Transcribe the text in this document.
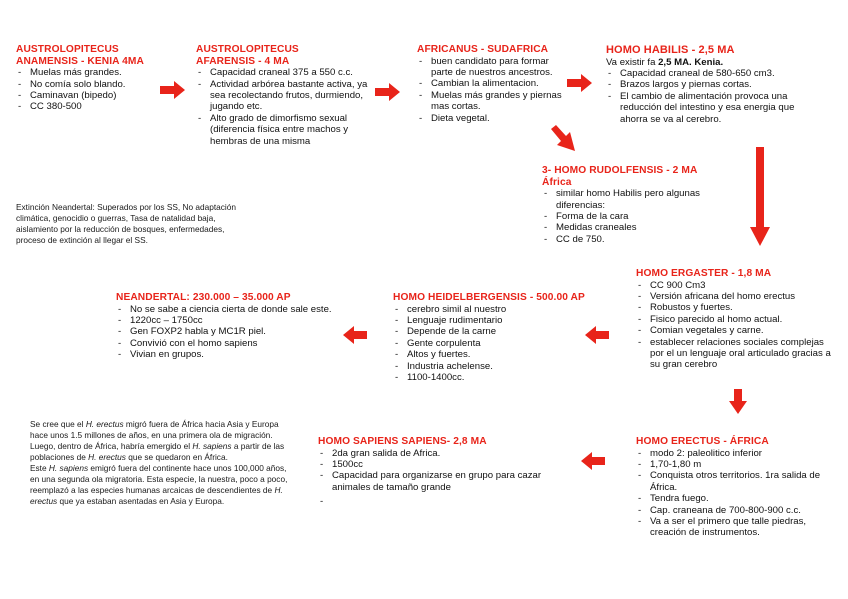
AUSTROLOPITECUS
ANAMENSIS - KENIA 4MA
- Muelas más grandes.
- No comía solo blando.
- Caminavan (bipedo)
- CC 380-500
AUSTROLOPITECUS
AFARENSIS - 4 MA
- Capacidad craneal 375 a 550 c.c.
- Actividad arbórea bastante activa, ya sea recolectando frutos, durmiendo, jugando etc.
- Alto grado de dimorfismo sexual (diferencia física entre machos y hembras de una misma
AFRICANUS - SUDAFRICA
- buen candidato para formar parte de nuestros ancestros.
- Cambian la alimentacion.
- Muelas más grandes y piernas mas cortas.
- Dieta vegetal.
HOMO HABILIS - 2,5 MA
Va existir fa 2,5 MA. Kenia.
- Capacidad craneal de 580-650 cm3.
- Brazos largos y piernas cortas.
- El cambio de alimentación provoca una reducción del intestino y esa energia que ahorra se va al cerebro.
3- HOMO RUDOLFENSIS - 2 MA
África
- similar homo Habilis pero algunas diferencias:
- Forma de la cara
- Medidas craneales
- CC de 750.

Extinción Neandertal: Superados por los SS, No adaptación climática, genocidio o guerras, Tasa de natalidad baja, aislamiento por la reducción de bosques, enfermedades, proceso de extinción al llegar el SS.

HOMO ERGASTER - 1,8 MA
- CC 900 Cm3
- Versión africana del homo erectus
- Robustos y fuertes.
- Fisico parecido al homo actual.
- Comian vegetales y carne.
- establecer relaciones sociales complejas por el un lenguaje oral articulado gracias a su gran cerebro
HOMO HEIDELBERGENSIS - 500.00 AP
- cerebro simil al nuestro
- Lenguaje rudimentario
- Depende de la carne
- Gente corpulenta
- Altos y fuertes.
- Industria achelense.
- 1100-1400cc.
NEANDERTAL: 230.000 – 35.000 AP
- No se sabe a ciencia cierta de donde sale este.
- 1220cc – 1750cc
- Gen FOXP2 habla y MC1R piel.
- Convivió con el homo sapiens
- Vivian en grupos.

Se cree que el H. erectus migró fuera de África hacia Asia y Europa hace unos 1.5 millones de años, en una primera ola de migración. Luego, dentro de África, habría emergido el H. sapiens a partir de las poblaciones de H. erectus que se quedaron en África.

Este H. sapiens emigró fuera del continente hace unos 100,000 años, en una segunda ola migratoria. Esta especie, la nuestra, poco a poco, reemplazó a las especies humanas arcaicas de descendientes de H. erectus que ya estaban asentadas en Asia y Europa.

HOMO SAPIENS SAPIENS- 2,8 MA
- 2da gran salida de Africa.
- 1500cc
- Capacidad para organizarse en grupo para cazar animales de tamaño grande
-
HOMO ERECTUS - ÁFRICA
- modo 2: paleolitico inferior
- 1,70-1,80 m
- Conquista otros territorios. 1ra salida de África.
- Tendra fuego.
- Cap. craneana de 700-800-900 c.c.
- Va a ser el primero que talle piedras, creación de instrumentos.
